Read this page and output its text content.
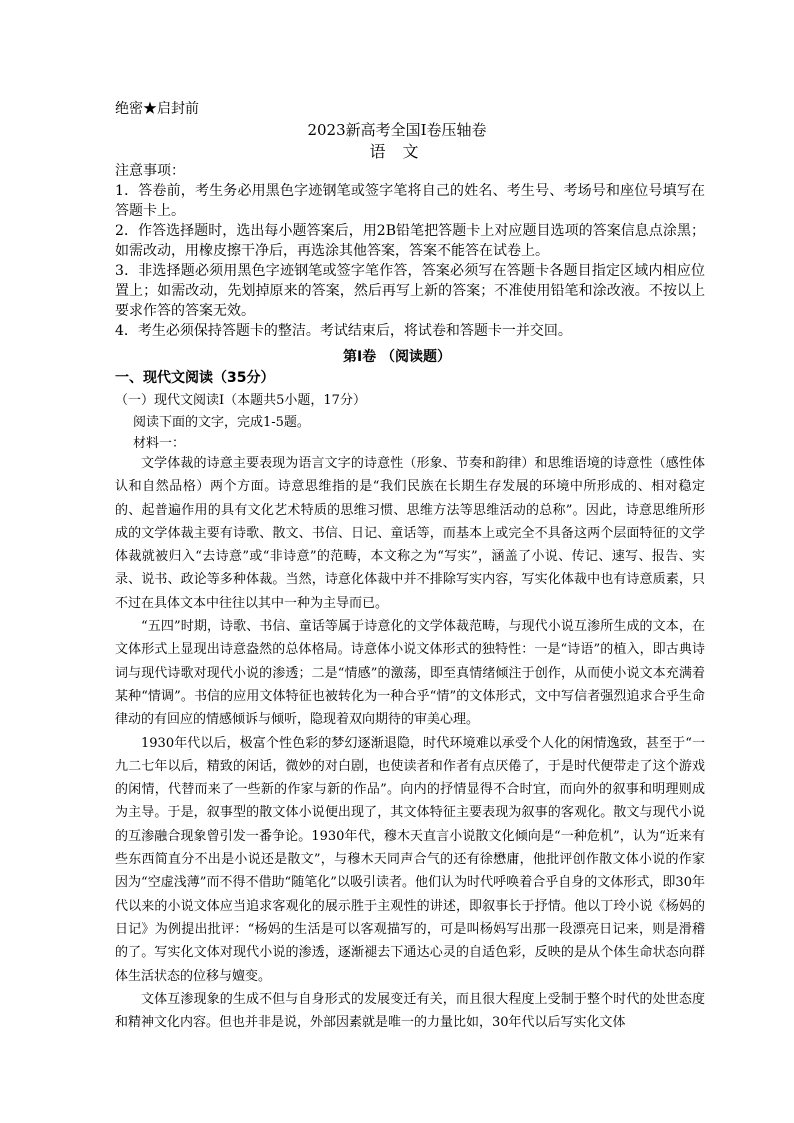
绝密★启封前
2023新高考全国Ⅰ卷压轴卷
语 文
注意事项：
1．答卷前，考生务必用黑色字迹钢笔或签字笔将自己的姓名、考生号、考场号和座位号填写在答题卡上。
2．作答选择题时，选出每小题答案后，用2B铅笔把答题卡上对应题目选项的答案信息点涂黑；如需改动，用橡皮擦干净后，再选涂其他答案，答案不能答在试卷上。
3．非选择题必须用黑色字迹钢笔或签字笔作答，答案必须写在答题卡各题目指定区域内相应位置上；如需改动，先划掉原来的答案，然后再写上新的答案；不准使用铅笔和涂改液。不按以上要求作答的答案无效。
4．考生必须保持答题卡的整洁。考试结束后，将试卷和答题卡一并交回。
第Ⅰ卷 （阅读题）
一、现代文阅读（35分）
（一）现代文阅读Ⅰ（本题共5小题，17分）
阅读下面的文字，完成1-5题。
材料一：

文学体裁的诗意主要表现为语言文字的诗意性（形象、节奏和韵律）和思维语境的诗意性（感性体认和自然品格）两个方面。诗意思维指的是“我们民族在长期生存发展的环境中所形成的、相对稳定的、起普遍作用的具有文化艺术特质的思维习惯、思维方法等思维活动的总称”。因此，诗意思维所形成的文学体裁主要有诗歌、散文、书信、日记、童话等，而基本上或完全不具备这两个层面特征的文学体裁就被归入“去诗意”或“非诗意”的范畴，本文称之为“写实”，涵盖了小说、传记、速写、报告、实录、说书、政论等多种体裁。当然，诗意化体裁中并不排除写实内容，写实化体裁中也有诗意质素，只不过在具体文本中往往以其中一种为主导而已。

“五四”时期，诗歌、书信、童话等属于诗意化的文学体裁范畴，与现代小说互渗所生成的文本，在文体形式上显现出诗意盎然的总体格局。诗意体小说文体形式的独特性：一是“诗语”的植入，即古典诗词与现代诗歌对现代小说的渗透；二是“情感”的激荡，即至真情绪倾注于创作，从而使小说文本充满着某种“情调”。书信的应用文体特征也被转化为一种合乎“情”的文体形式，文中写信者强烈追求合乎生命律动的有回应的情感倾诉与倾听，隐现着双向期待的审美心理。

1930年代以后，极富个性色彩的梦幻逐渐退隐，时代环境难以承受个人化的闲情逸致，甚至于“一九二七年以后，精致的闲话，微妙的对白剧，也使读者和作者有点厌倦了，于是时代便带走了这个游戏的闲情，代替而来了一些新的作家与新的作品”。向内的抒情显得不合时宜，而向外的叙事和明理则成为主导。于是，叙事型的散文体小说便出现了，其文体特征主要表现为叙事的客观化。散文与现代小说的互渗融合现象曾引发一番争论。1930年代，穆木天直言小说散文化倾向是“一种危机”，认为“近来有些东西简直分不出是小说还是散文”，与穆木天同声合气的还有徐懋庸，他批评创作散文体小说的作家因为“空虚浅薄”而不得不借助“随笔化”以吸引读者。他们认为时代呼唤着合乎自身的文体形式，即30年代以来的小说文体应当追求客观化的展示胜于主观性的讲述，即叙事长于抒情。他以丁玲小说《杨妈的日记》为例提出批评：“杨妈的生活是可以客观描写的，可是叫杨妈写出那一段漂亮日记来，则是滑稽的了。写实化文体对现代小说的渗透，逐渐褪去下通达心灵的自适色彩，反映的是从个体生命状态向群体生活状态的位移与嬗变。

文体互渗现象的生成不但与自身形式的发展变迁有关，而且很大程度上受制于整个时代的处世态度和精神文化内容。但也并非是说，外部因素就是唯一的力量比如，30年代以后写实化文体
